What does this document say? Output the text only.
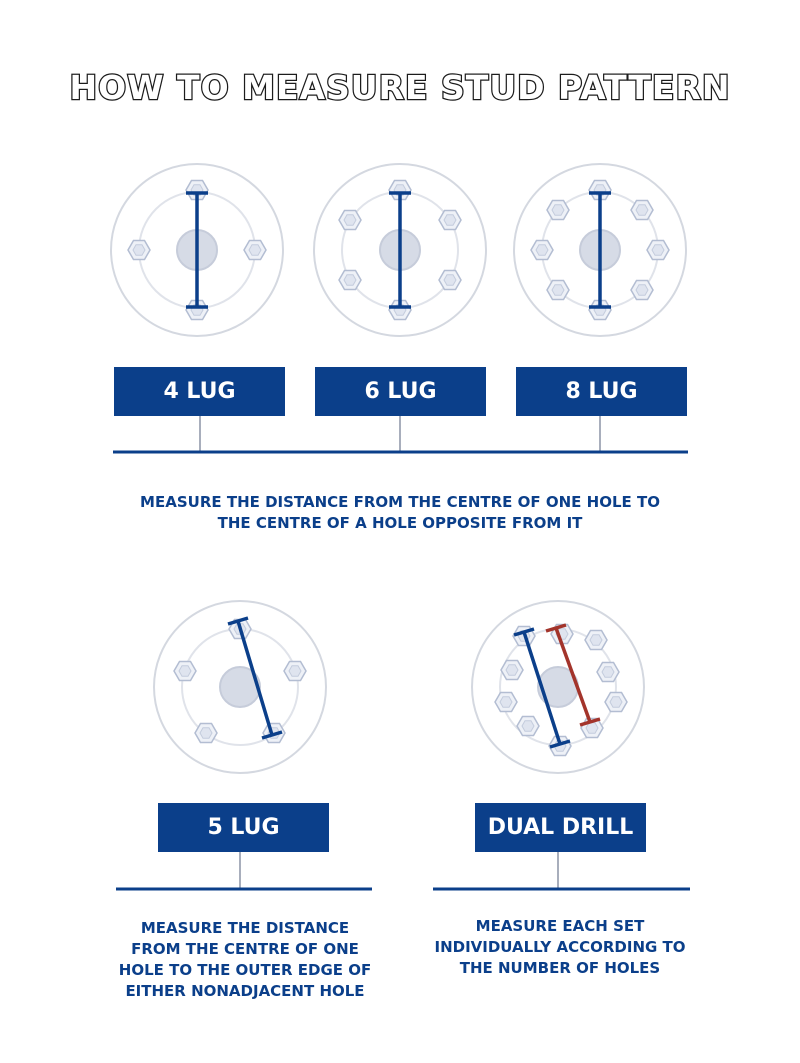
HOW TO MEASURE STUD PATTERN
4 LUG	6 LUG	8 LUG
5 LUG	DUAL DRILL
MEASURE THE DISTANCE FROM THE CENTRE OF ONE HOLE TO
THE CENTRE OF A HOLE OPPOSITE FROM IT
MEASURE THE DISTANCE
FROM THE CENTRE OF ONE
HOLE TO THE OUTER EDGE OF
EITHER NONADJACENT HOLE
MEASURE EACH SET
INDIVIDUALLY ACCORDING TO
THE NUMBER OF HOLES
